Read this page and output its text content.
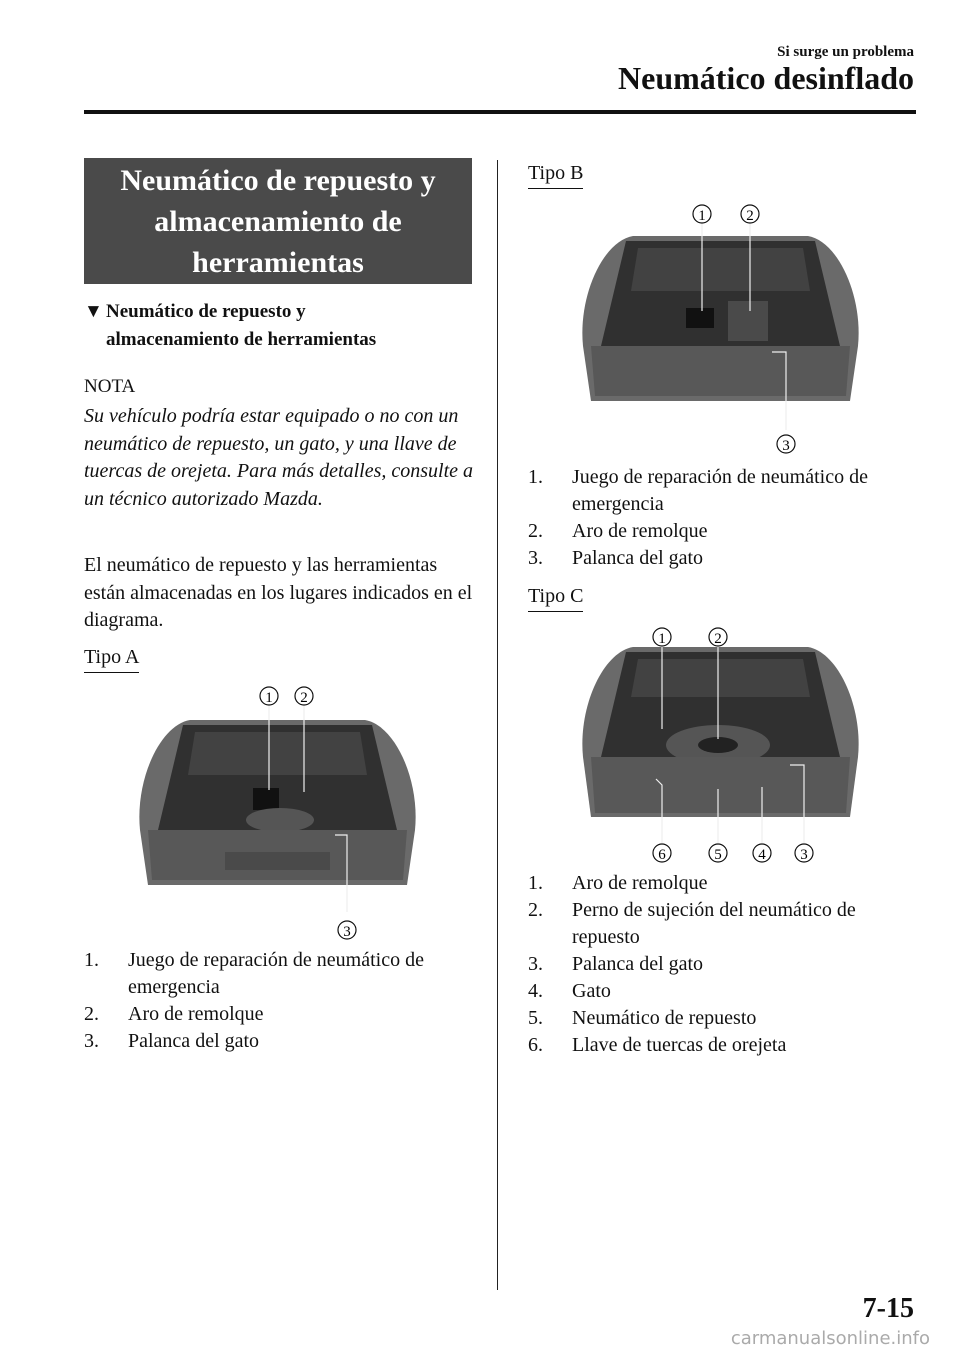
Si surge un problema
Neumático desinflado
Neumático de repuesto y
almacenamiento de
herramientas
▼ Neumático de repuesto y
almacenamiento de herramientas
NOTA
Su vehículo podría estar equipado o no con un neumático de repuesto, un gato, y una llave de tuercas de orejeta. Para más detalles, consulte a un técnico autorizado Mazda.
El neumático de repuesto y las herramientas están almacenadas en los lugares indicados en el diagrama.
Tipo A
1 2
3
1. Juego de reparación de neumático de emergencia
2. Aro de remolque
3. Palanca del gato
Tipo B
1	2
3
1. Juego de reparación de neumático de emergencia
2. Aro de remolque
3. Palanca del gato
Tipo C
1	2
6	5 4 3
1. Aro de remolque
2. Perno de sujeción del neumático de repuesto
3. Palanca del gato
4. Gato
5. Neumático de repuesto
6. Llave de tuercas de orejeta
7-15
carmanualsonline.info
